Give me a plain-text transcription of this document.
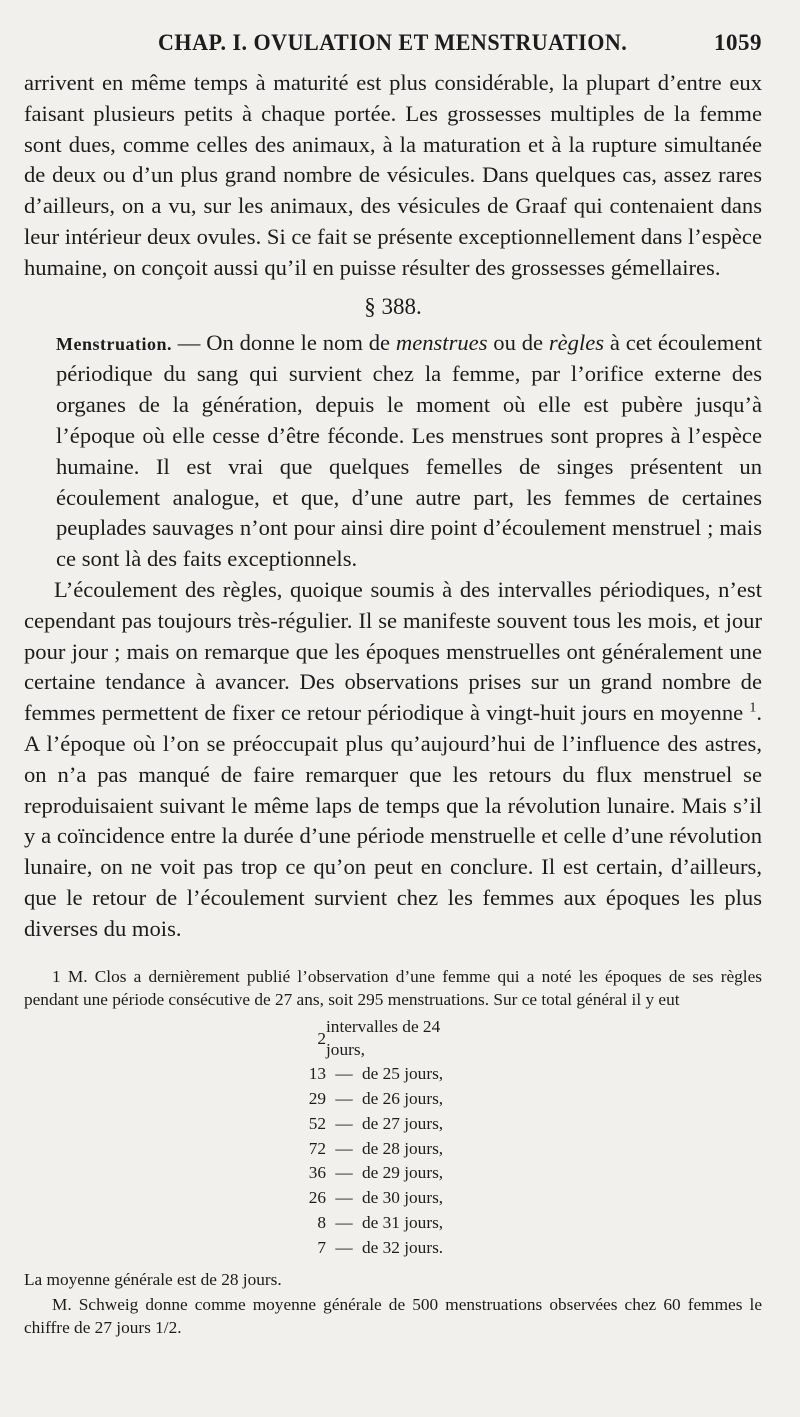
CHAP. I. OVULATION ET MENSTRUATION.	1059

arrivent en même temps à maturité est plus considérable, la plupart d’entre eux faisant plusieurs petits à chaque portée. Les grossesses multiples de la femme sont dues, comme celles des animaux, à la maturation et à la rupture simultanée de deux ou d’un plus grand nombre de vésicules. Dans quelques cas, assez rares d’ailleurs, on a vu, sur les animaux, des vésicules de Graaf qui contenaient dans leur intérieur deux ovules. Si ce fait se présente exceptionnellement dans l’espèce humaine, on conçoit aussi qu’il en puisse résulter des grossesses gémellaires.

§ 388.

Menstruation. — On donne le nom de menstrues ou de règles à cet écoulement périodique du sang qui survient chez la femme, par l’orifice externe des organes de la génération, depuis le moment où elle est pubère jusqu’à l’époque où elle cesse d’être féconde. Les menstrues sont propres à l’espèce humaine. Il est vrai que quelques femelles de singes présentent un écoulement analogue, et que, d’une autre part, les femmes de certaines peuplades sauvages n’ont pour ainsi dire point d’écoulement menstruel ; mais ce sont là des faits exceptionnels.

L’écoulement des règles, quoique soumis à des intervalles périodiques, n’est cependant pas toujours très-régulier. Il se manifeste souvent tous les mois, et jour pour jour ; mais on remarque que les époques menstruelles ont généralement une certaine tendance à avancer. Des observations prises sur un grand nombre de femmes permettent de fixer ce retour périodique à vingt-huit jours en moyenne $^1$. A l’époque où l’on se préoccupait plus qu’aujourd’hui de l’influence des astres, on n’a pas manqué de faire remarquer que les retours du flux menstruel se reproduisaient suivant le même laps de temps que la révolution lunaire. Mais s’il y a coïncidence entre la durée d’une période menstruelle et celle d’une révolution lunaire, on ne voit pas trop ce qu’on peut en conclure. Il est certain, d’ailleurs, que le retour de l’écoulement survient chez les femmes aux époques les plus diverses du mois.

1 M. Clos a dernièrement publié l’observation d’une femme qui a noté les époques de ses règles pendant une période consécutive de 27 ans, soit 295 menstruations. Sur ce total général il y eut

2	intervalles de 24 jours,	
13	—	de 25 jours,
29	—	de 26 jours,
52	—	de 27 jours,
72	—	de 28 jours,
36	—	de 29 jours,
26	—	de 30 jours,
8	—	de 31 jours,
7	—	de 32 jours.

La moyenne générale est de 28 jours.

M. Schweig donne comme moyenne générale de 500 menstruations observées chez 60 femmes le chiffre de 27 jours 1/2.
